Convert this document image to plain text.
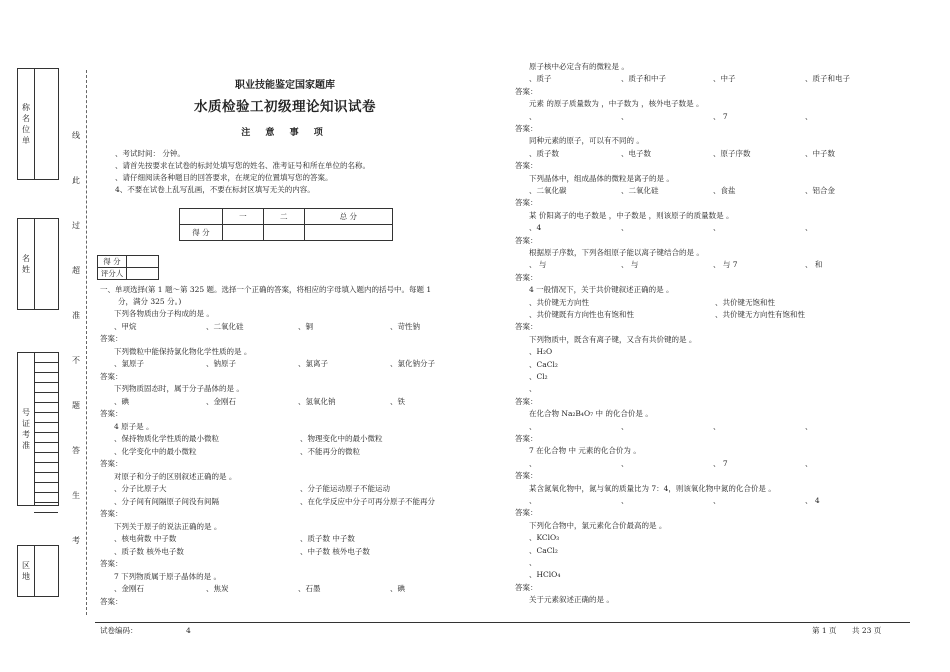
称
名
位
单
名
姓
号
证
考
准
区
地
线
此
过
超
准
不
题
答
生
考
职业技能鉴定国家题库
水质检验工初级理论知识试卷
注 意 事 项
、考试时间： 分钟。
、请首先按要求在试卷的标封处填写您的姓名、准考证号和所在单位的名称。
、请仔细阅读各种题目的回答要求，在规定的位置填写您的答案。
4、不要在试卷上乱写乱画，不要在标封区填写无关的内容。
	一	二	总 分
得 分			
得 分	
评分人	
一、单项选择(第 1 题～第 325 题。选择一个正确的答案，将相应的字母填入题内的括号中。每题 1
分，满分 325 分。)
下列各物质由分子构成的是 。
、甲烷	、二氧化硅	、铜	、苛性钠
答案：
下列微粒中能保持氯化物化学性质的是 。
、氯原子	、钠原子	、氯离子	、氯化钠分子
答案：
下列物质固态时，属于分子晶体的是 。
、碘	、金刚石	、氢氧化钠	、铁
答案：
4 原子是 。
、保持物质化学性质的最小微粒	、物理变化中的最小微粒
、化学变化中的最小微粒	、不能再分的微粒
答案：
对原子和分子的区别叙述正确的是 。
、分子比原子大	、分子能运动原子不能运动
、分子间有间隔原子间没有间隔	、在化学反应中分子可再分原子不能再分
答案：
下列关于原子的说法正确的是 。
、核电荷数 中子数	、质子数 中子数
、质子数 核外电子数	、中子数 核外电子数
答案：
7 下列物质属于原子晶体的是 。
、金刚石	、焦炭	、石墨	、碘
答案：
原子核中必定含有的微粒是 。
、质子	、质子和中子	、中子	、质子和电子
答案：
元素 的原子质量数为 ，中子数为 ，核外电子数是 。
、	、	、 7	、
答案：
同种元素的原子，可以有不同的 。
、质子数	、电子数	、原子序数	、中子数
答案：
下列晶体中，组成晶体的微粒是离子的是 。
、二氧化碳	、二氧化硅	、食盐	、铝合金
答案：
某 价阳离子的电子数是 ，中子数是 ，则该原子的质量数是 。
、4	、	、	、
答案：
根据原子序数，下列各组原子能以离子键结合的是 。
、 与	、 与	、 与 7	、 和
答案：
4 一般情况下，关于共价键叙述正确的是 。
、共价键无方向性	、共价键无饱和性
、共价键既有方向性也有饱和性	、共价键无方向性有饱和性
答案：
下列物质中，既含有离子键，又含有共价键的是 。
、H₂O
、CaCl₂
、Cl₂
、
答案：
在化合物 Na₂B₄O₇ 中 的化合价是 。
、	、	、	、
答案：
7 在化合物 中 元素的化合价为 。
、	、	、 7	、
答案：
某含氮氧化物中，氮与氧的质量比为 7：4，则该氧化物中氮的化合价是 。
、	、	、	、 4
答案：
下列化合物中，氯元素化合价最高的是 。
、KClO₃
、CaCl₂
、
、HClO₄
答案：
关于元素叙述正确的是 。
试卷编码：	4	第 1 页 共 23 页
